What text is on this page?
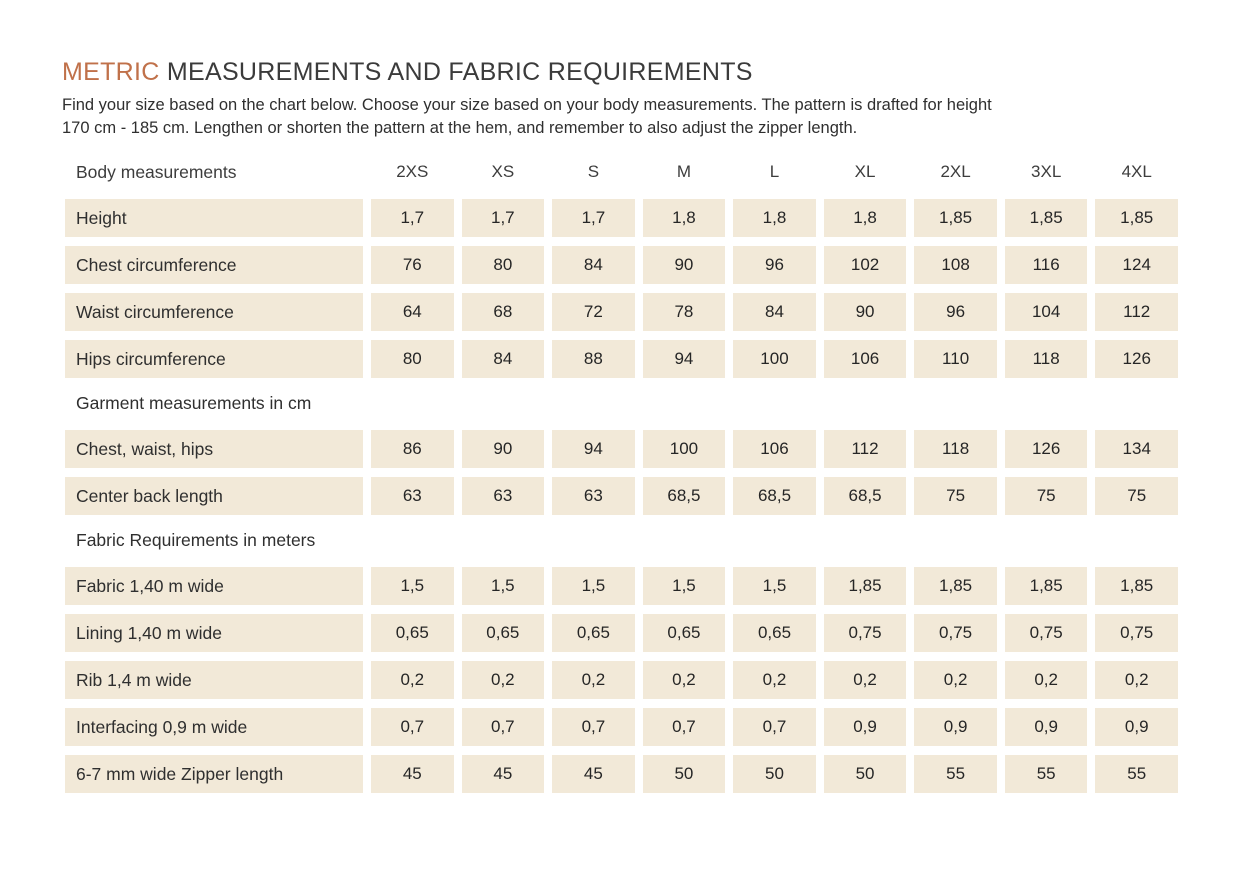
METRIC MEASUREMENTS AND FABRIC REQUIREMENTS
Find your size based on the chart below. Choose your size based on your body measurements. The pattern is drafted for height
170 cm - 185 cm. Lengthen or shorten the pattern at the hem, and remember to also adjust the zipper length.
Body measurements	2XS	XS	S	M	L	XL	2XL	3XL	4XL
Height	1,7	1,7	1,7	1,8	1,8	1,8	1,85	1,85	1,85
Chest circumference	76	80	84	90	96	102	108	116	124
Waist circumference	64	68	72	78	84	90	96	104	112
Hips circumference	80	84	88	94	100	106	110	118	126
Garment measurements in cm
Chest, waist, hips	86	90	94	100	106	112	118	126	134
Center back length	63	63	63	68,5	68,5	68,5	75	75	75
Fabric Requirements in meters
Fabric 1,40 m wide	1,5	1,5	1,5	1,5	1,5	1,85	1,85	1,85	1,85
Lining 1,40 m wide	0,65	0,65	0,65	0,65	0,65	0,75	0,75	0,75	0,75
Rib 1,4 m wide	0,2	0,2	0,2	0,2	0,2	0,2	0,2	0,2	0,2
Interfacing 0,9 m wide	0,7	0,7	0,7	0,7	0,7	0,9	0,9	0,9	0,9
6-7 mm wide Zipper length	45	45	45	50	50	50	55	55	55
